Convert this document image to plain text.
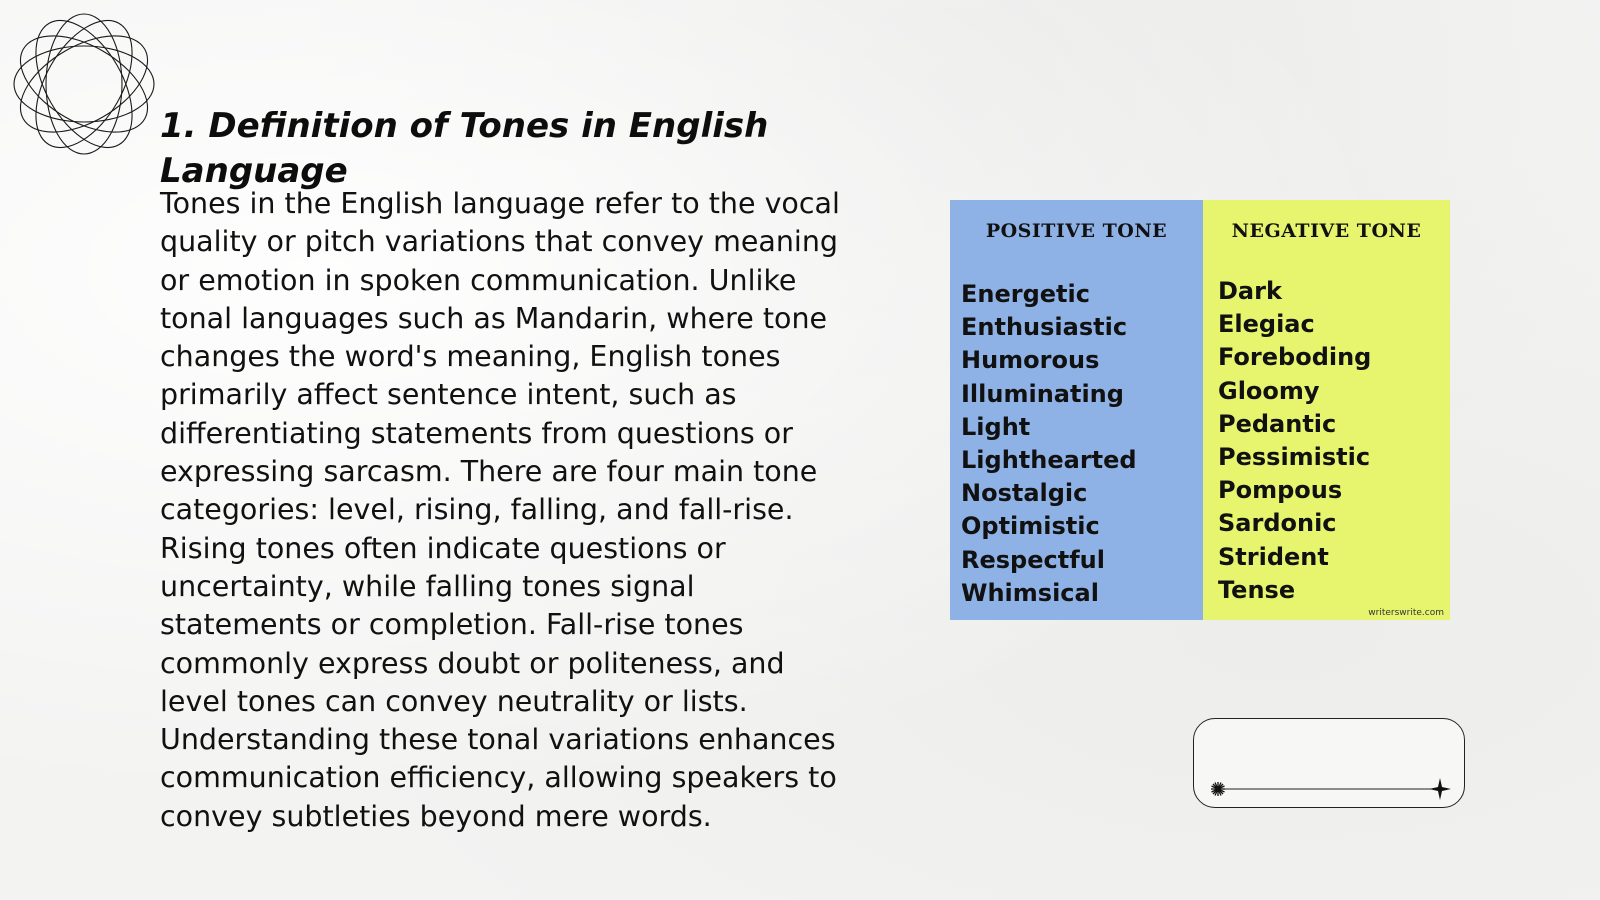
1. Definition of Tones in English Language

Tones in the English language refer to the vocal quality or pitch variations that convey meaning or emotion in spoken communication. Unlike tonal languages such as Mandarin, where tone changes the word's meaning, English tones primarily affect sentence intent, such as differentiating statements from questions or expressing sarcasm. There are four main tone categories: level, rising, falling, and fall-rise. Rising tones often indicate questions or uncertainty, while falling tones signal statements or completion. Fall-rise tones commonly express doubt or politeness, and level tones can convey neutrality or lists. Understanding these tonal variations enhances communication efficiency, allowing speakers to convey subtleties beyond mere words.

POSITIVE TONE
Energetic
Enthusiastic
Humorous
Illuminating
Light
Lighthearted
Nostalgic
Optimistic
Respectful
Whimsical
NEGATIVE TONE
Dark
Elegiac
Foreboding
Gloomy
Pedantic
Pessimistic
Pompous
Sardonic
Strident
Tense
writerswrite.com
